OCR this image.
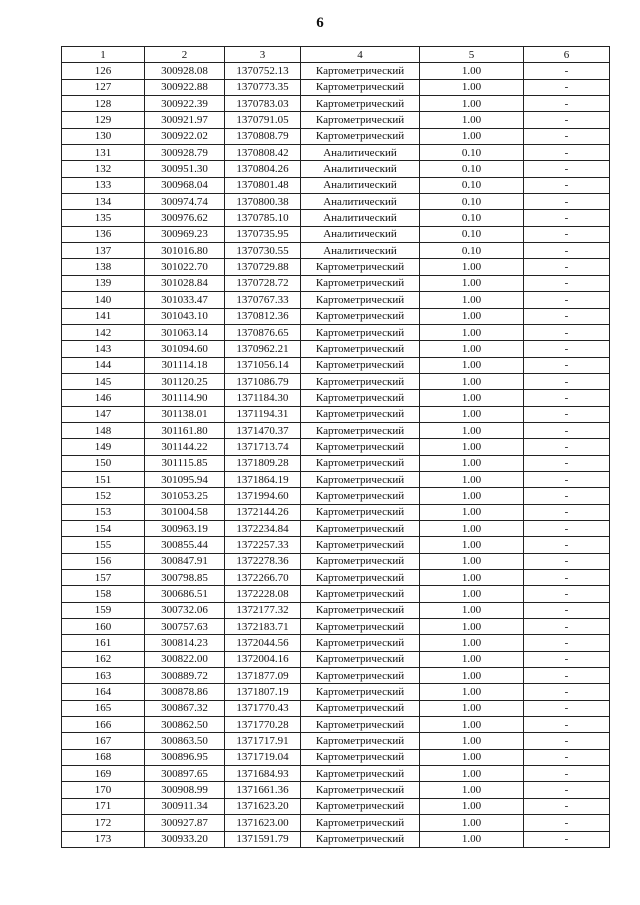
6
1	2	3	4	5	6
126	300928.08	1370752.13	Картометрический	1.00	-
127	300922.88	1370773.35	Картометрический	1.00	-
128	300922.39	1370783.03	Картометрический	1.00	-
129	300921.97	1370791.05	Картометрический	1.00	-
130	300922.02	1370808.79	Картометрический	1.00	-
131	300928.79	1370808.42	Аналитический	0.10	-
132	300951.30	1370804.26	Аналитический	0.10	-
133	300968.04	1370801.48	Аналитический	0.10	-
134	300974.74	1370800.38	Аналитический	0.10	-
135	300976.62	1370785.10	Аналитический	0.10	-
136	300969.23	1370735.95	Аналитический	0.10	-
137	301016.80	1370730.55	Аналитический	0.10	-
138	301022.70	1370729.88	Картометрический	1.00	-
139	301028.84	1370728.72	Картометрический	1.00	-
140	301033.47	1370767.33	Картометрический	1.00	-
141	301043.10	1370812.36	Картометрический	1.00	-
142	301063.14	1370876.65	Картометрический	1.00	-
143	301094.60	1370962.21	Картометрический	1.00	-
144	301114.18	1371056.14	Картометрический	1.00	-
145	301120.25	1371086.79	Картометрический	1.00	-
146	301114.90	1371184.30	Картометрический	1.00	-
147	301138.01	1371194.31	Картометрический	1.00	-
148	301161.80	1371470.37	Картометрический	1.00	-
149	301144.22	1371713.74	Картометрический	1.00	-
150	301115.85	1371809.28	Картометрический	1.00	-
151	301095.94	1371864.19	Картометрический	1.00	-
152	301053.25	1371994.60	Картометрический	1.00	-
153	301004.58	1372144.26	Картометрический	1.00	-
154	300963.19	1372234.84	Картометрический	1.00	-
155	300855.44	1372257.33	Картометрический	1.00	-
156	300847.91	1372278.36	Картометрический	1.00	-
157	300798.85	1372266.70	Картометрический	1.00	-
158	300686.51	1372228.08	Картометрический	1.00	-
159	300732.06	1372177.32	Картометрический	1.00	-
160	300757.63	1372183.71	Картометрический	1.00	-
161	300814.23	1372044.56	Картометрический	1.00	-
162	300822.00	1372004.16	Картометрический	1.00	-
163	300889.72	1371877.09	Картометрический	1.00	-
164	300878.86	1371807.19	Картометрический	1.00	-
165	300867.32	1371770.43	Картометрический	1.00	-
166	300862.50	1371770.28	Картометрический	1.00	-
167	300863.50	1371717.91	Картометрический	1.00	-
168	300896.95	1371719.04	Картометрический	1.00	-
169	300897.65	1371684.93	Картометрический	1.00	-
170	300908.99	1371661.36	Картометрический	1.00	-
171	300911.34	1371623.20	Картометрический	1.00	-
172	300927.87	1371623.00	Картометрический	1.00	-
173	300933.20	1371591.79	Картометрический	1.00	-
